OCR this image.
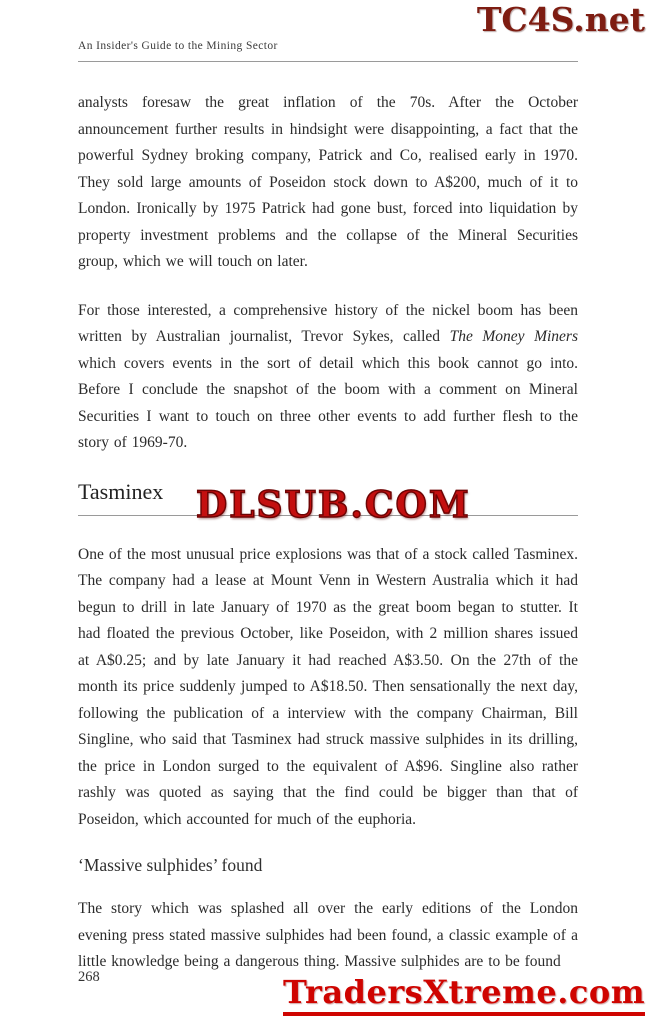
TC4S.net
An Insider's Guide to the Mining Sector

analysts foresaw the great inflation of the 70s. After the October announcement further results in hindsight were disappointing, a fact that the powerful Sydney broking company, Patrick and Co, realised early in 1970. They sold large amounts of Poseidon stock down to A$200, much of it to London. Ironically by 1975 Patrick had gone bust, forced into liquidation by property investment problems and the collapse of the Mineral Securities group, which we will touch on later.

For those interested, a comprehensive history of the nickel boom has been written by Australian journalist, Trevor Sykes, called The Money Miners which covers events in the sort of detail which this book cannot go into. Before I conclude the snapshot of the boom with a comment on Mineral Securities I want to touch on three other events to add further flesh to the story of 1969-70.

Tasminex

One of the most unusual price explosions was that of a stock called Tasminex. The company had a lease at Mount Venn in Western Australia which it had begun to drill in late January of 1970 as the great boom began to stutter. It had floated the previous October, like Poseidon, with 2 million shares issued at A$0.25; and by late January it had reached A$3.50. On the 27th of the month its price suddenly jumped to A$18.50. Then sensationally the next day, following the publication of a interview with the company Chairman, Bill Singline, who said that Tasminex had struck massive sulphides in its drilling, the price in London surged to the equivalent of A$96. Singline also rather rashly was quoted as saying that the find could be bigger than that of Poseidon, which accounted for much of the euphoria.

‘Massive sulphides’ found

The story which was splashed all over the early editions of the London evening press stated massive sulphides had been found, a classic example of a little knowledge being a dangerous thing. Massive sulphides are to be found

DLSUB.COM
268	TradersXtreme.com
